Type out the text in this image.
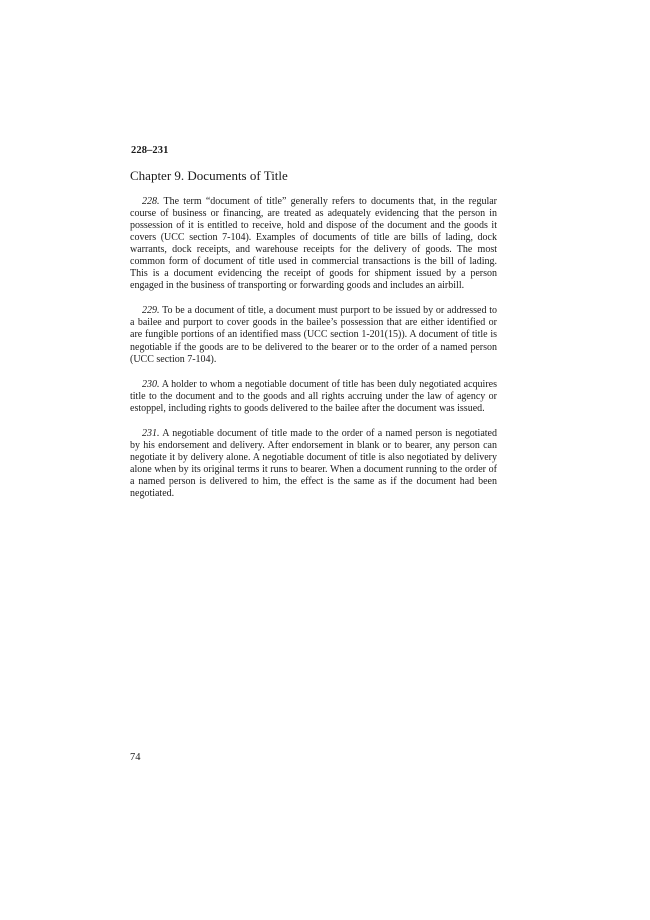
228–231
Chapter 9. Documents of Title

228. The term “document of title” generally refers to documents that, in the regular course of business or financing, are treated as adequately evidencing that the person in possession of it is entitled to receive, hold and dispose of the document and the goods it covers (UCC section 7-104). Examples of documents of title are bills of lading, dock warrants, dock receipts, and warehouse receipts for the delivery of goods. The most common form of document of title used in commercial transactions is the bill of lading. This is a document evidencing the receipt of goods for shipment issued by a person engaged in the business of transporting or forwarding goods and includes an airbill.

229. To be a document of title, a document must purport to be issued by or addressed to a bailee and purport to cover goods in the bailee’s possession that are either identified or are fungible portions of an identified mass (UCC section 1-201(15)). A document of title is negotiable if the goods are to be delivered to the bearer or to the order of a named person (UCC section 7-104).

230. A holder to whom a negotiable document of title has been duly negotiated acquires title to the document and to the goods and all rights accruing under the law of agency or estoppel, including rights to goods delivered to the bailee after the document was issued.

231. A negotiable document of title made to the order of a named person is negotiated by his endorsement and delivery. After endorsement in blank or to bearer, any person can negotiate it by delivery alone. A negotiable document of title is also negotiated by delivery alone when by its original terms it runs to bearer. When a document running to the order of a named person is delivered to him, the effect is the same as if the document had been negotiated.

74
